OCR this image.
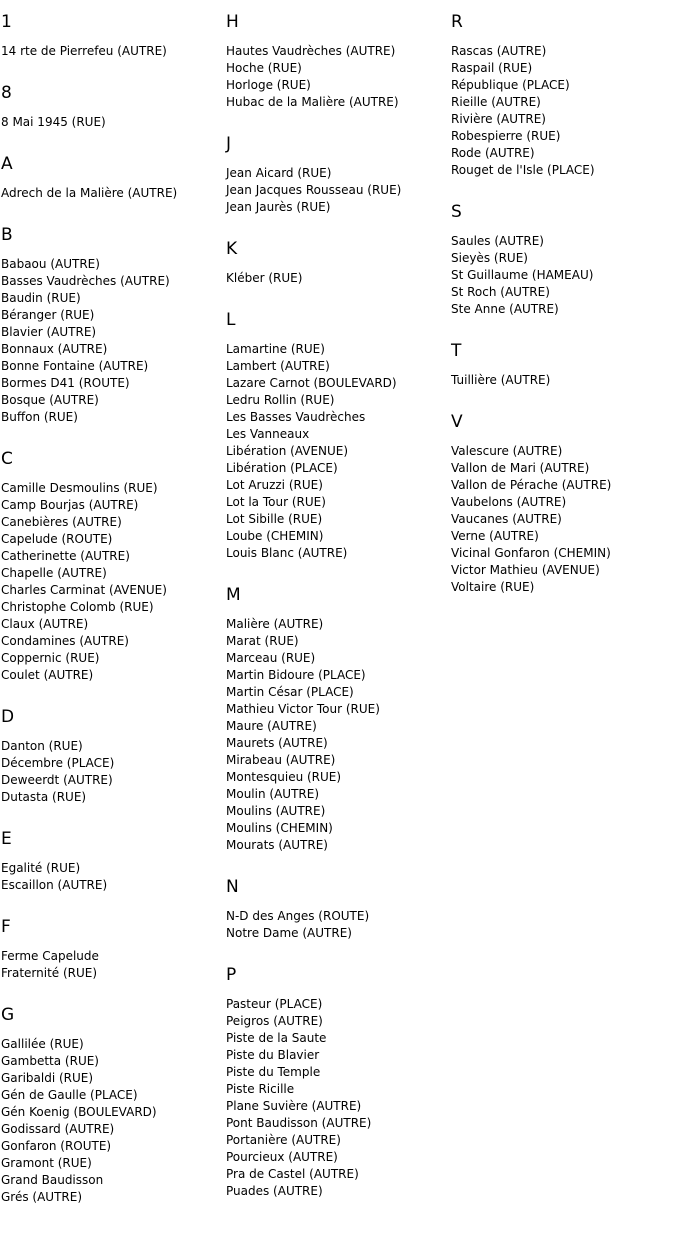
1
14 rte de Pierrefeu (AUTRE)
8
8 Mai 1945 (RUE)
A
Adrech de la Malière (AUTRE)
B
Babaou (AUTRE)
Basses Vaudrèches (AUTRE)
Baudin (RUE)
Béranger (RUE)
Blavier (AUTRE)
Bonnaux (AUTRE)
Bonne Fontaine (AUTRE)
Bormes D41 (ROUTE)
Bosque (AUTRE)
Buffon (RUE)
C
Camille Desmoulins (RUE)
Camp Bourjas (AUTRE)
Canebières (AUTRE)
Capelude (ROUTE)
Catherinette (AUTRE)
Chapelle (AUTRE)
Charles Carminat (AVENUE)
Christophe Colomb (RUE)
Claux (AUTRE)
Condamines (AUTRE)
Coppernic (RUE)
Coulet (AUTRE)
D
Danton (RUE)
Décembre (PLACE)
Deweerdt (AUTRE)
Dutasta (RUE)
E
Egalité (RUE)
Escaillon (AUTRE)
F
Ferme Capelude
Fraternité (RUE)
G
Gallilée (RUE)
Gambetta (RUE)
Garibaldi (RUE)
Gén de Gaulle (PLACE)
Gén Koenig (BOULEVARD)
Godissard (AUTRE)
Gonfaron (ROUTE)
Gramont (RUE)
Grand Baudisson
Grés (AUTRE)
H
Hautes Vaudrèches (AUTRE)
Hoche (RUE)
Horloge (RUE)
Hubac de la Malière (AUTRE)
J
Jean Aicard (RUE)
Jean Jacques Rousseau (RUE)
Jean Jaurès (RUE)
K
Kléber (RUE)
L
Lamartine (RUE)
Lambert (AUTRE)
Lazare Carnot (BOULEVARD)
Ledru Rollin (RUE)
Les Basses Vaudrèches
Les Vanneaux
Libération (AVENUE)
Libération (PLACE)
Lot Aruzzi (RUE)
Lot la Tour (RUE)
Lot Sibille (RUE)
Loube (CHEMIN)
Louis Blanc (AUTRE)
M
Malière (AUTRE)
Marat (RUE)
Marceau (RUE)
Martin Bidoure (PLACE)
Martin César (PLACE)
Mathieu Victor Tour (RUE)
Maure (AUTRE)
Maurets (AUTRE)
Mirabeau (AUTRE)
Montesquieu (RUE)
Moulin (AUTRE)
Moulins (AUTRE)
Moulins (CHEMIN)
Mourats (AUTRE)
N
N-D des Anges (ROUTE)
Notre Dame (AUTRE)
P
Pasteur (PLACE)
Peigros (AUTRE)
Piste de la Saute
Piste du Blavier
Piste du Temple
Piste Ricille
Plane Suvière (AUTRE)
Pont Baudisson (AUTRE)
Portanière (AUTRE)
Pourcieux (AUTRE)
Pra de Castel (AUTRE)
Puades (AUTRE)
R
Rascas (AUTRE)
Raspail (RUE)
République (PLACE)
Rieille (AUTRE)
Rivière (AUTRE)
Robespierre (RUE)
Rode (AUTRE)
Rouget de l'Isle (PLACE)
S
Saules (AUTRE)
Sieyès (RUE)
St Guillaume (HAMEAU)
St Roch (AUTRE)
Ste Anne (AUTRE)
T
Tuillière (AUTRE)
V
Valescure (AUTRE)
Vallon de Mari (AUTRE)
Vallon de Pérache (AUTRE)
Vaubelons (AUTRE)
Vaucanes (AUTRE)
Verne (AUTRE)
Vicinal Gonfaron (CHEMIN)
Victor Mathieu (AVENUE)
Voltaire (RUE)
